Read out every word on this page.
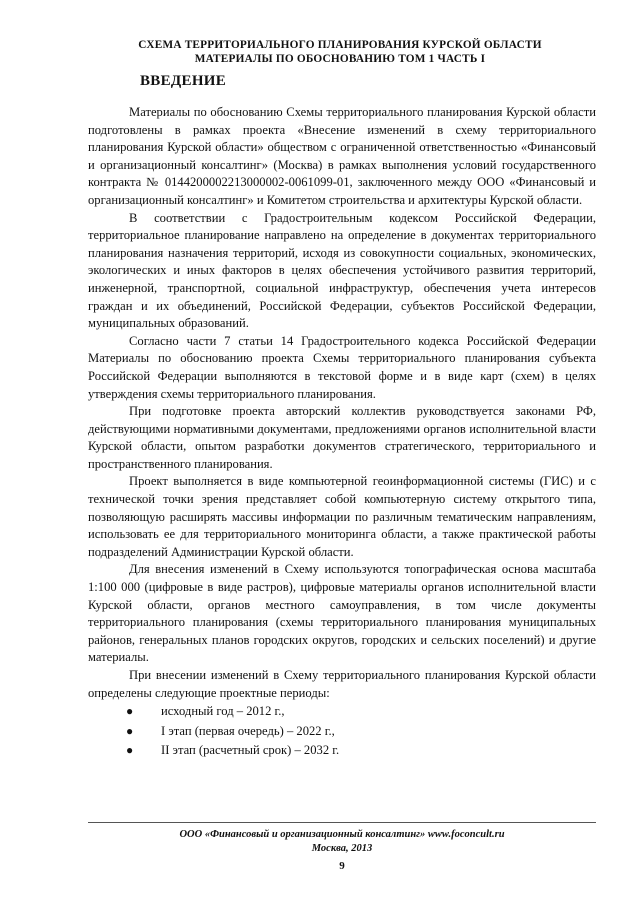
СХЕМА ТЕРРИТОРИАЛЬНОГО ПЛАНИРОВАНИЯ КУРСКОЙ ОБЛАСТИ
МАТЕРИАЛЫ ПО ОБОСНОВАНИЮ ТОМ 1 ЧАСТЬ I
ВВЕДЕНИЕ

Материалы по обоснованию Схемы территориального планирования Курской области подготовлены в рамках проекта «Внесение изменений в схему территориального планирования Курской области» обществом с ограниченной ответственностью «Финансовый и организационный консалтинг» (Москва) в рамках выполнения условий государственного контракта № 0144200002213000002-0061099-01, заключенного между ООО «Финансовый и организационный консалтинг» и Комитетом строительства и архитектуры Курской области.

В соответствии с Градостроительным кодексом Российской Федерации, территориальное планирование направлено на определение в документах территориального планирования назначения территорий, исходя из совокупности социальных, экономических, экологических и иных факторов в целях обеспечения устойчивого развития территорий, инженерной, транспортной, социальной инфраструктур, обеспечения учета интересов граждан и их объединений, Российской Федерации, субъектов Российской Федерации, муниципальных образований.

Согласно части 7 статьи 14 Градостроительного кодекса Российской Федерации Материалы по обоснованию проекта Схемы территориального планирования субъекта Российской Федерации выполняются в текстовой форме и в виде карт (схем) в целях утверждения схемы территориального планирования.

При подготовке проекта авторский коллектив руководствуется законами РФ, действующими нормативными документами, предложениями органов исполнительной власти Курской области, опытом разработки документов стратегического, территориального и пространственного планирования.

Проект выполняется в виде компьютерной геоинформационной системы (ГИС) и с технической точки зрения представляет собой компьютерную систему открытого типа, позволяющую расширять массивы информации по различным тематическим направлениям, использовать ее для территориального мониторинга области, а также практической работы подразделений Администрации Курской области.

Для внесения изменений в Схему используются топографическая основа масштаба 1:100 000 (цифровые в виде растров), цифровые материалы органов исполнительной власти Курской области, органов местного самоуправления, в том числе документы территориального планирования (схемы территориального планирования муниципальных районов, генеральных планов городских округов, городских и сельских поселений) и другие материалы.

При внесении изменений в Схему территориального планирования Курской области определены следующие проектные периоды:

● исходный год – 2012 г.,
● I этап (первая очередь) – 2022 г.,
● II этап (расчетный срок) – 2032 г.
ООО «Финансовый и организационный консалтинг» www.foconcult.ru
Москва, 2013
9
